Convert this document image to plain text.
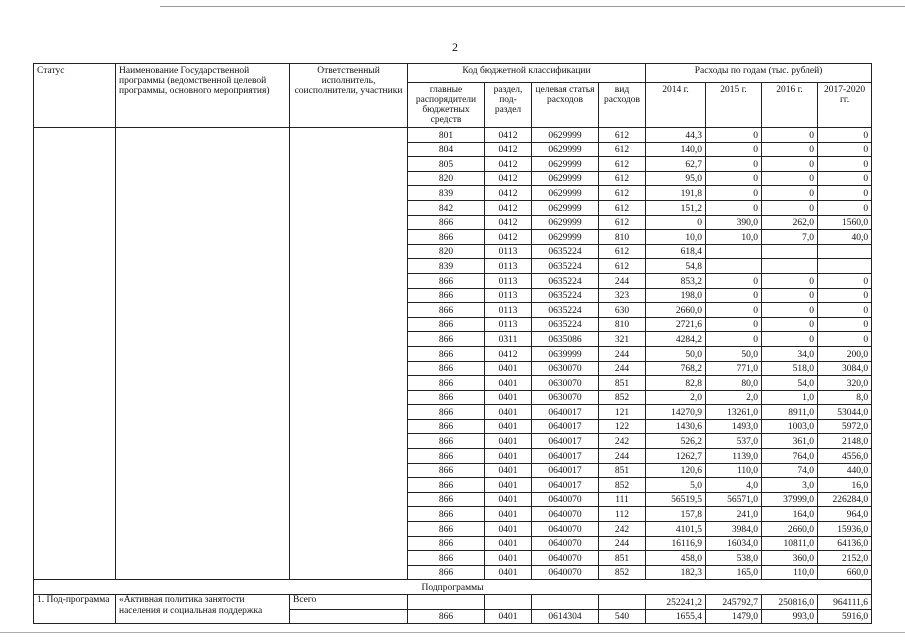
2
Статус	Наименование Государственной программы (ведомственной целевой программы, основного мероприятия)	Ответственный исполнитель, соисполнители, участники	Код бюджетной классификации				Расходы по годам (тыс. рублей)			
			главные распорядители бюджетных средств	раздел, под-раздел	целевая статья расходов	вид расходов	2014 г.	2015 г.	2016 г.	2017-2020 гг.
			801	0412	0629999	612	44,3	0	0	0
			804	0412	0629999	612	140,0	0	0	0
			805	0412	0629999	612	62,7	0	0	0
			820	0412	0629999	612	95,0	0	0	0
			839	0412	0629999	612	191,8	0	0	0
			842	0412	0629999	612	151,2	0	0	0
			866	0412	0629999	612	0	390,0	262,0	1560,0
			866	0412	0629999	810	10,0	10,0	7,0	40,0
			820	0113	0635224	612	618,4			
			839	0113	0635224	612	54,8			
			866	0113	0635224	244	853,2	0	0	0
			866	0113	0635224	323	198,0	0	0	0
			866	0113	0635224	630	2660,0	0	0	0
			866	0113	0635224	810	2721,6	0	0	0
			866	0311	0635086	321	4284,2	0	0	0
			866	0412	0639999	244	50,0	50,0	34,0	200,0
			866	0401	0630070	244	768,2	771,0	518,0	3084,0
			866	0401	0630070	851	82,8	80,0	54,0	320,0
			866	0401	0630070	852	2,0	2,0	1,0	8,0
			866	0401	0640017	121	14270,9	13261,0	8911,0	53044,0
			866	0401	0640017	122	1430,6	1493,0	1003,0	5972,0
			866	0401	0640017	242	526,2	537,0	361,0	2148,0
			866	0401	0640017	244	1262,7	1139,0	764,0	4556,0
			866	0401	0640017	851	120,6	110,0	74,0	440,0
			866	0401	0640017	852	5,0	4,0	3,0	16,0
			866	0401	0640070	111	56519,5	56571,0	37999,0	226284,0
			866	0401	0640070	112	157,8	241,0	164,0	964,0
			866	0401	0640070	242	4101,5	3984,0	2660,0	15936,0
			866	0401	0640070	244	16116,9	16034,0	10811,0	64136,0
			866	0401	0640070	851	458,0	538,0	360,0	2152,0
			866	0401	0640070	852	182,3	165,0	110,0	660,0
Подпрограммы										
1. Под-программа	«Активная политика занятости населения и социальная поддержка	Всего					252241,2	245792,7	250816,0	964111,6
			866	0401	0614304	540	1655,4	1479,0	993,0	5916,0
